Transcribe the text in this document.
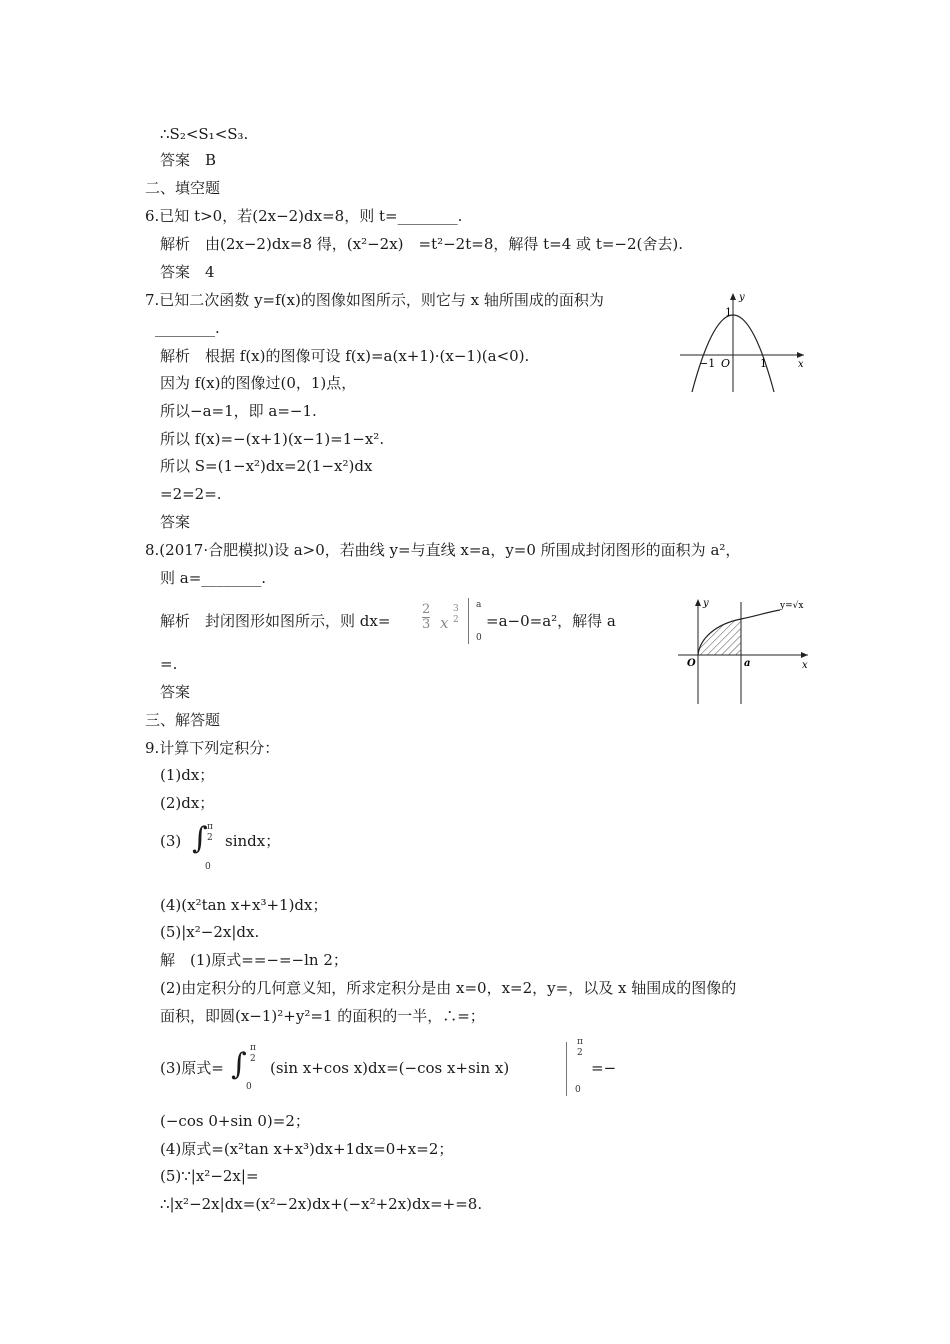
∴S₂<S₁<S₃.
答案　B
二、填空题
6.已知 t>0，若(2x−2)dx=8，则 t=________.
解析　由(2x−2)dx=8 得，(x²−2x)　=t²−2t=8，解得 t=4 或 t=−2(舍去).
答案　4
7.已知二次函数 y=f(x)的图像如图所示，则它与 x 轴所围成的面积为
________.
解析　根据 f(x)的图像可设 f(x)=a(x+1)·(x−1)(a<0).
因为 f(x)的图像过(0，1)点，
所以−a=1，即 a=−1.
所以 f(x)=−(x+1)(x−1)=1−x².
所以 S=(1−x²)dx=2(1−x²)dx
=2=2=.
答案
y
x
1
−1 O	1
8.(2017·合肥模拟)设 a>0，若曲线 y=与直线 x=a，y=0 所围成封闭图形的面积为 a²，
则 a=________.
解析　封闭图形如图所示，则 $dx= \frac{2}{3}$ x
3
2
a
0
=a−0=a²，解得 a
=.
答案
y
x
O	a
y=√x
三、解答题
9.计算下列定积分：
(1)dx；
(2)dx；
(3) ∫ π
2
0
sindx；
(4)(x²tan x+x³+1)dx；
(5)|x²−2x|dx.
解　(1)原式==−=−ln 2；
(2)由定积分的几何意义知，所求定积分是由 x=0，x=2，y=，以及 x 轴围成的图像的
面积，即圆(x−1)²+y²=1 的面积的一半，∴=；
(3)原式= ∫ π
2
0
(sin x+cos x)dx=(−cos x+sin x)
π
2
0
=−
(−cos 0+sin 0)=2；
(4)原式=(x²tan x+x³)dx+1dx=0+x=2；
(5)∵|x²−2x|=
∴|x²−2x|dx=(x²−2x)dx+(−x²+2x)dx=+=8.
